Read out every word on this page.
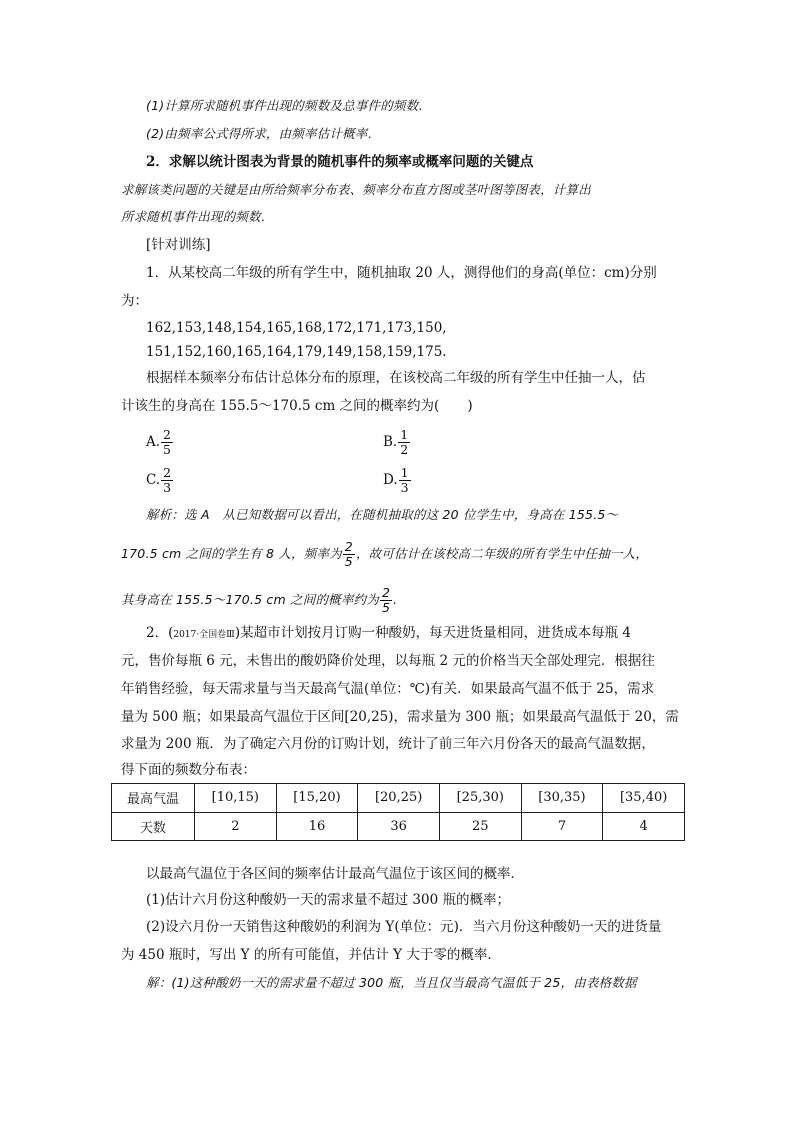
(1)计算所求随机事件出现的频数及总事件的频数．
(2)由频率公式得所求，由频率估计概率．
2．求解以统计图表为背景的随机事件的频率或概率问题的关键点
求解该类问题的关键是由所给频率分布表、频率分布直方图或茎叶图等图表，计算出
所求随机事件出现的频数．
[针对训练]
1．从某校高二年级的所有学生中，随机抽取 20 人，测得他们的身高(单位：cm)分别
为：
162,153,148,154,165,168,172,171,173,150,
151,152,160,165,164,179,149,158,159,175.
根据样本频率分布估计总体分布的原理，在该校高二年级的所有学生中任抽一人，估
计该生的身高在 155.5～170.5 cm 之间的概率约为( )
A. $\frac{2}{5}$	B. $\frac{1}{2}$
C. $\frac{2}{3}$	D. $\frac{1}{3}$
解析：选 A　从已知数据可以看出，在随机抽取的这 20 位学生中，身高在 155.5～
170.5 cm 之间的学生有 8 人，频率为 $\frac{2}{5}$ ，故可估计在该校高二年级的所有学生中任抽一人，
其身高在 155.5～170.5 cm 之间的概率约为 $\frac{2}{5}$ .
2．(2017·全国卷Ⅲ)某超市计划按月订购一种酸奶，每天进货量相同，进货成本每瓶 4
元，售价每瓶 6 元，未售出的酸奶降价处理，以每瓶 2 元的价格当天全部处理完．根据往
年销售经验，每天需求量与当天最高气温(单位：℃)有关．如果最高气温不低于 25，需求
量为 500 瓶；如果最高气温位于区间[20,25)，需求量为 300 瓶；如果最高气温低于 20，需
求量为 200 瓶．为了确定六月份的订购计划，统计了前三年六月份各天的最高气温数据，
得下面的频数分布表：
最高气温	[10,15)	[15,20)	[20,25)	[25,30)	[30,35)	[35,40)
天数	2	16	36	25	7	4
以最高气温位于各区间的频率估计最高气温位于该区间的概率．
(1)估计六月份这种酸奶一天的需求量不超过 300 瓶的概率；
(2)设六月份一天销售这种酸奶的利润为 Y(单位：元)．当六月份这种酸奶一天的进货量
为 450 瓶时，写出 Y 的所有可能值，并估计 Y 大于零的概率．
解：(1)这种酸奶一天的需求量不超过 300 瓶，当且仅当最高气温低于 25，由表格数据
